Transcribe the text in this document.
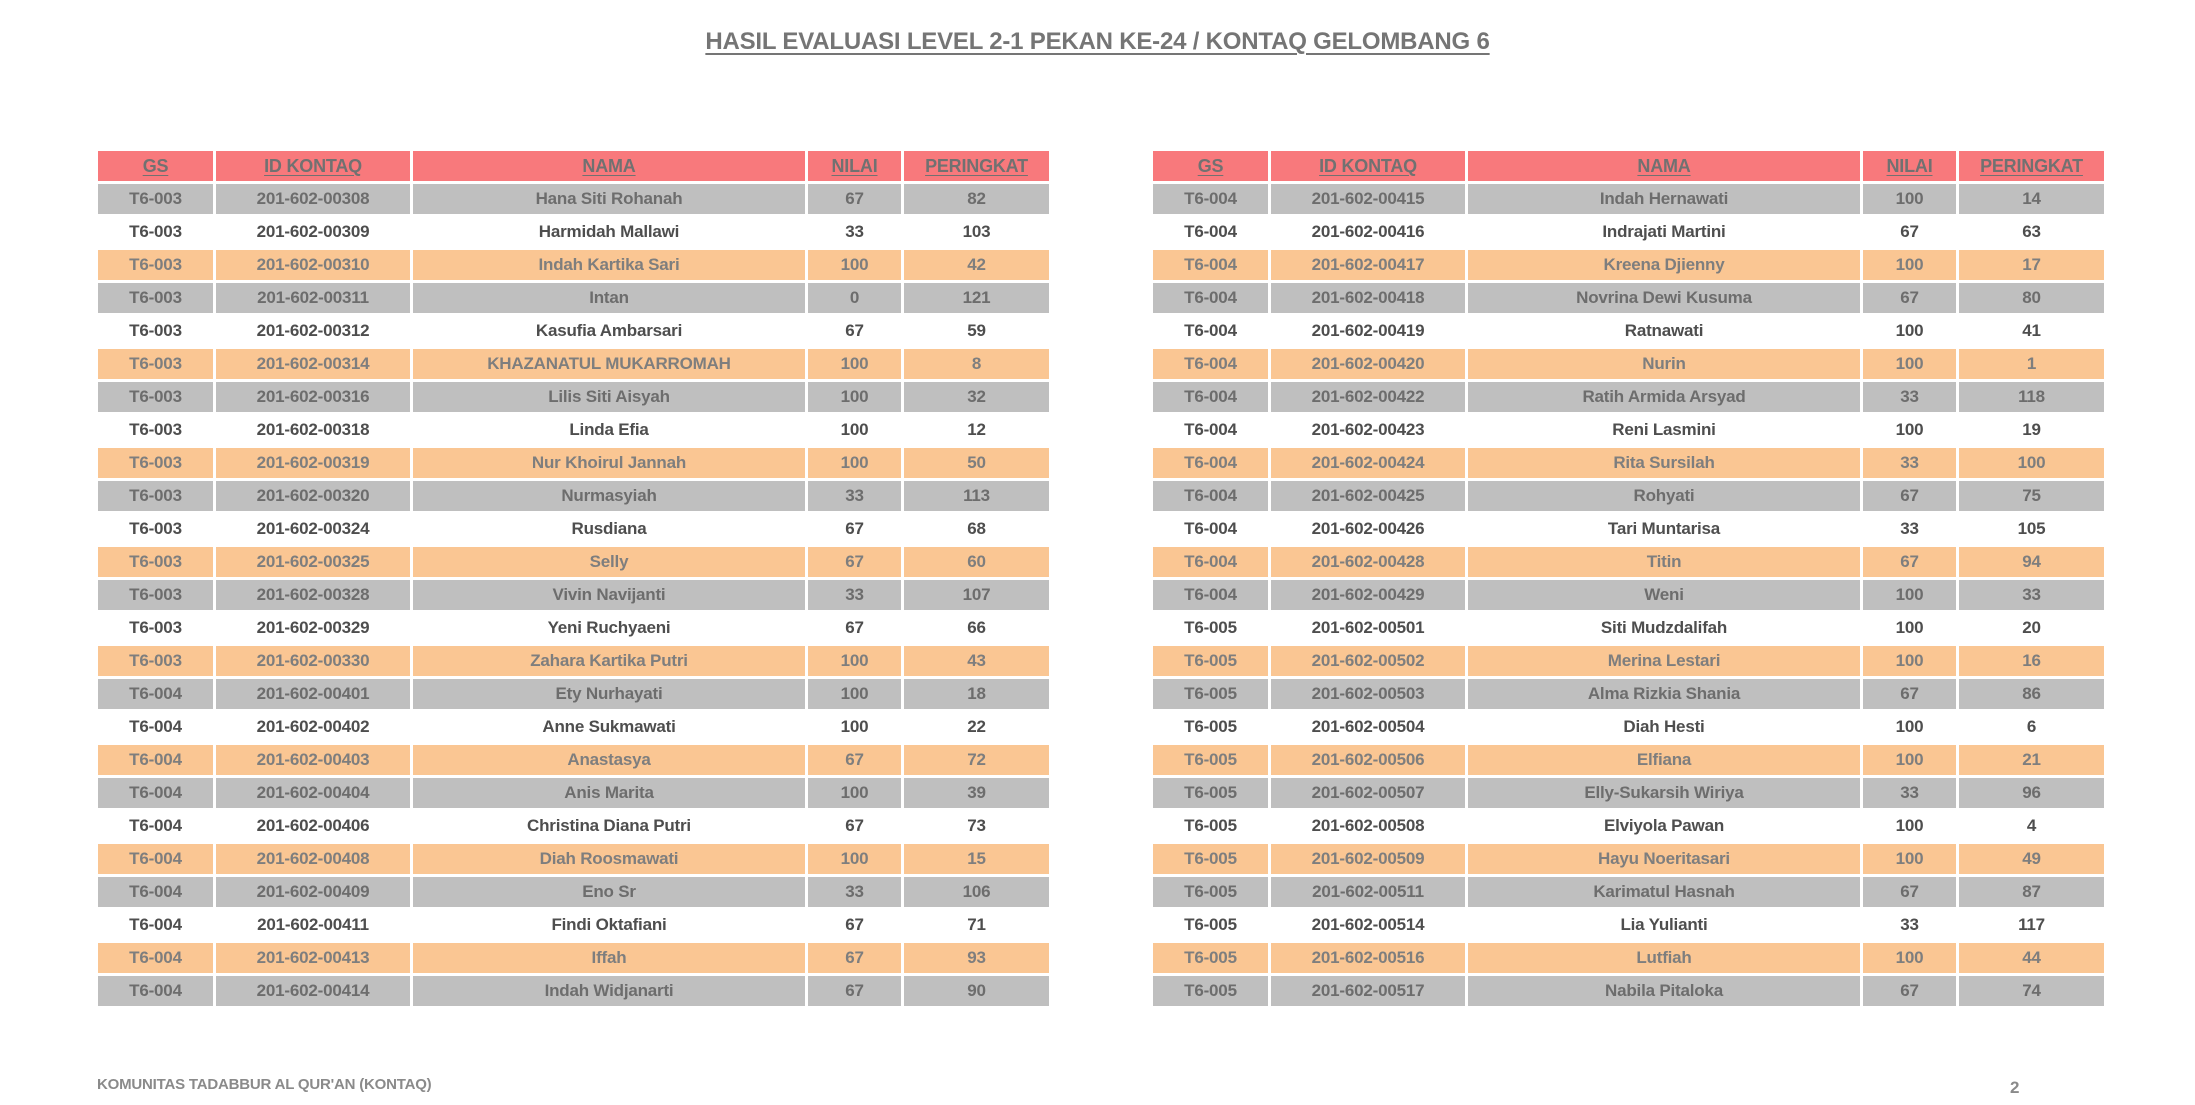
HASIL EVALUASI LEVEL 2-1 PEKAN KE-24 / KONTAQ GELOMBANG 6
GS	ID KONTAQ	NAMA	NILAI	PERINGKAT
T6-003	201-602-00308	Hana Siti Rohanah	67	82
T6-003	201-602-00309	Harmidah Mallawi	33	103
T6-003	201-602-00310	Indah Kartika Sari	100	42
T6-003	201-602-00311	Intan	0	121
T6-003	201-602-00312	Kasufia Ambarsari	67	59
T6-003	201-602-00314	KHAZANATUL MUKARROMAH	100	8
T6-003	201-602-00316	Lilis Siti Aisyah	100	32
T6-003	201-602-00318	Linda Efia	100	12
T6-003	201-602-00319	Nur Khoirul Jannah	100	50
T6-003	201-602-00320	Nurmasyiah	33	113
T6-003	201-602-00324	Rusdiana	67	68
T6-003	201-602-00325	Selly	67	60
T6-003	201-602-00328	Vivin Navijanti	33	107
T6-003	201-602-00329	Yeni Ruchyaeni	67	66
T6-003	201-602-00330	Zahara Kartika Putri	100	43
T6-004	201-602-00401	Ety Nurhayati	100	18
T6-004	201-602-00402	Anne Sukmawati	100	22
T6-004	201-602-00403	Anastasya	67	72
T6-004	201-602-00404	Anis Marita	100	39
T6-004	201-602-00406	Christina Diana Putri	67	73
T6-004	201-602-00408	Diah Roosmawati	100	15
T6-004	201-602-00409	Eno Sr	33	106
T6-004	201-602-00411	Findi Oktafiani	67	71
T6-004	201-602-00413	Iffah	67	93
T6-004	201-602-00414	Indah Widjanarti	67	90
GS	ID KONTAQ	NAMA	NILAI	PERINGKAT
T6-004	201-602-00415	Indah Hernawati	100	14
T6-004	201-602-00416	Indrajati Martini	67	63
T6-004	201-602-00417	Kreena Djienny	100	17
T6-004	201-602-00418	Novrina Dewi Kusuma	67	80
T6-004	201-602-00419	Ratnawati	100	41
T6-004	201-602-00420	Nurin	100	1
T6-004	201-602-00422	Ratih Armida Arsyad	33	118
T6-004	201-602-00423	Reni Lasmini	100	19
T6-004	201-602-00424	Rita Sursilah	33	100
T6-004	201-602-00425	Rohyati	67	75
T6-004	201-602-00426	Tari Muntarisa	33	105
T6-004	201-602-00428	Titin	67	94
T6-004	201-602-00429	Weni	100	33
T6-005	201-602-00501	Siti Mudzdalifah	100	20
T6-005	201-602-00502	Merina Lestari	100	16
T6-005	201-602-00503	Alma Rizkia Shania	67	86
T6-005	201-602-00504	Diah Hesti	100	6
T6-005	201-602-00506	Elfiana	100	21
T6-005	201-602-00507	Elly-Sukarsih Wiriya	33	96
T6-005	201-602-00508	Elviyola Pawan	100	4
T6-005	201-602-00509	Hayu Noeritasari	100	49
T6-005	201-602-00511	Karimatul Hasnah	67	87
T6-005	201-602-00514	Lia Yulianti	33	117
T6-005	201-602-00516	Lutfiah	100	44
T6-005	201-602-00517	Nabila Pitaloka	67	74
KOMUNITAS TADABBUR AL QUR'AN (KONTAQ)	2
